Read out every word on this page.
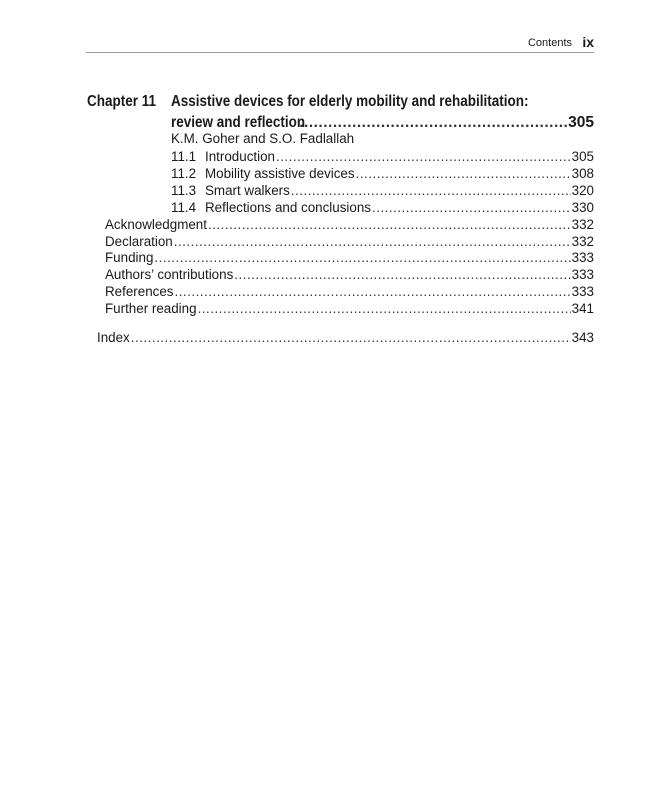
Contents ix
Chapter 11 Assistive devices for elderly mobility and rehabilitation:
review and reflection .....	305
K.M. Goher and S.O. Fadlallah
11.1 Introduction .....	305
11.2 Mobility assistive devices .....	308
11.3 Smart walkers .....	320
11.4 Reflections and conclusions .....	330
Acknowledgment .....	332
Declaration .....	332
Funding .....	333
Authors’ contributions .....	333
References .....	333
Further reading .....	341
Index .....	343
